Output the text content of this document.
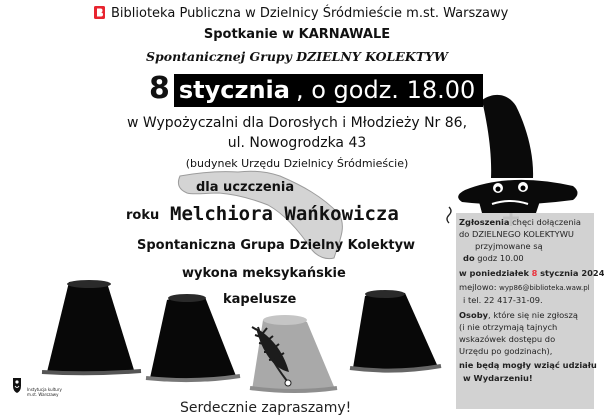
Biblioteka Publiczna w Dzielnicy Śródmieście m.st. Warszawy
Spotkanie w KARNAWALE
Spontanicznej Grupy DZIELNY KOLEKTYW
8 stycznia , o godz. 18.00
w Wypożyczalni dla Dorosłych i Młodzieży Nr 86,
ul. Nowogrodzka 43
(budynek Urzędu Dzielnicy Śródmieście)
dla uczczenia
roku Melchiora Wańkowicza
Spontaniczna Grupa Dzielny Kolektyw
wykona meksykańskie
kapelusze
Serdecznie zapraszamy!
Zgłoszenia chęci dołączenia
do DZIELNEGO KOLEKTYWU
przyjmowane są
do godz 10.00
w poniedziałek 8 stycznia 2024
mejlowo: wyp86@biblioteka.waw.pl
i tel. 22 417-31-09.
Osoby, które się nie zgłoszą
(i nie otrzymają tajnych
wskazówek dostępu do
Urzędu po godzinach),
nie będą mogły wziąć udziału
w Wydarzeniu!
Instytucja kultury m.st. Warszawy
